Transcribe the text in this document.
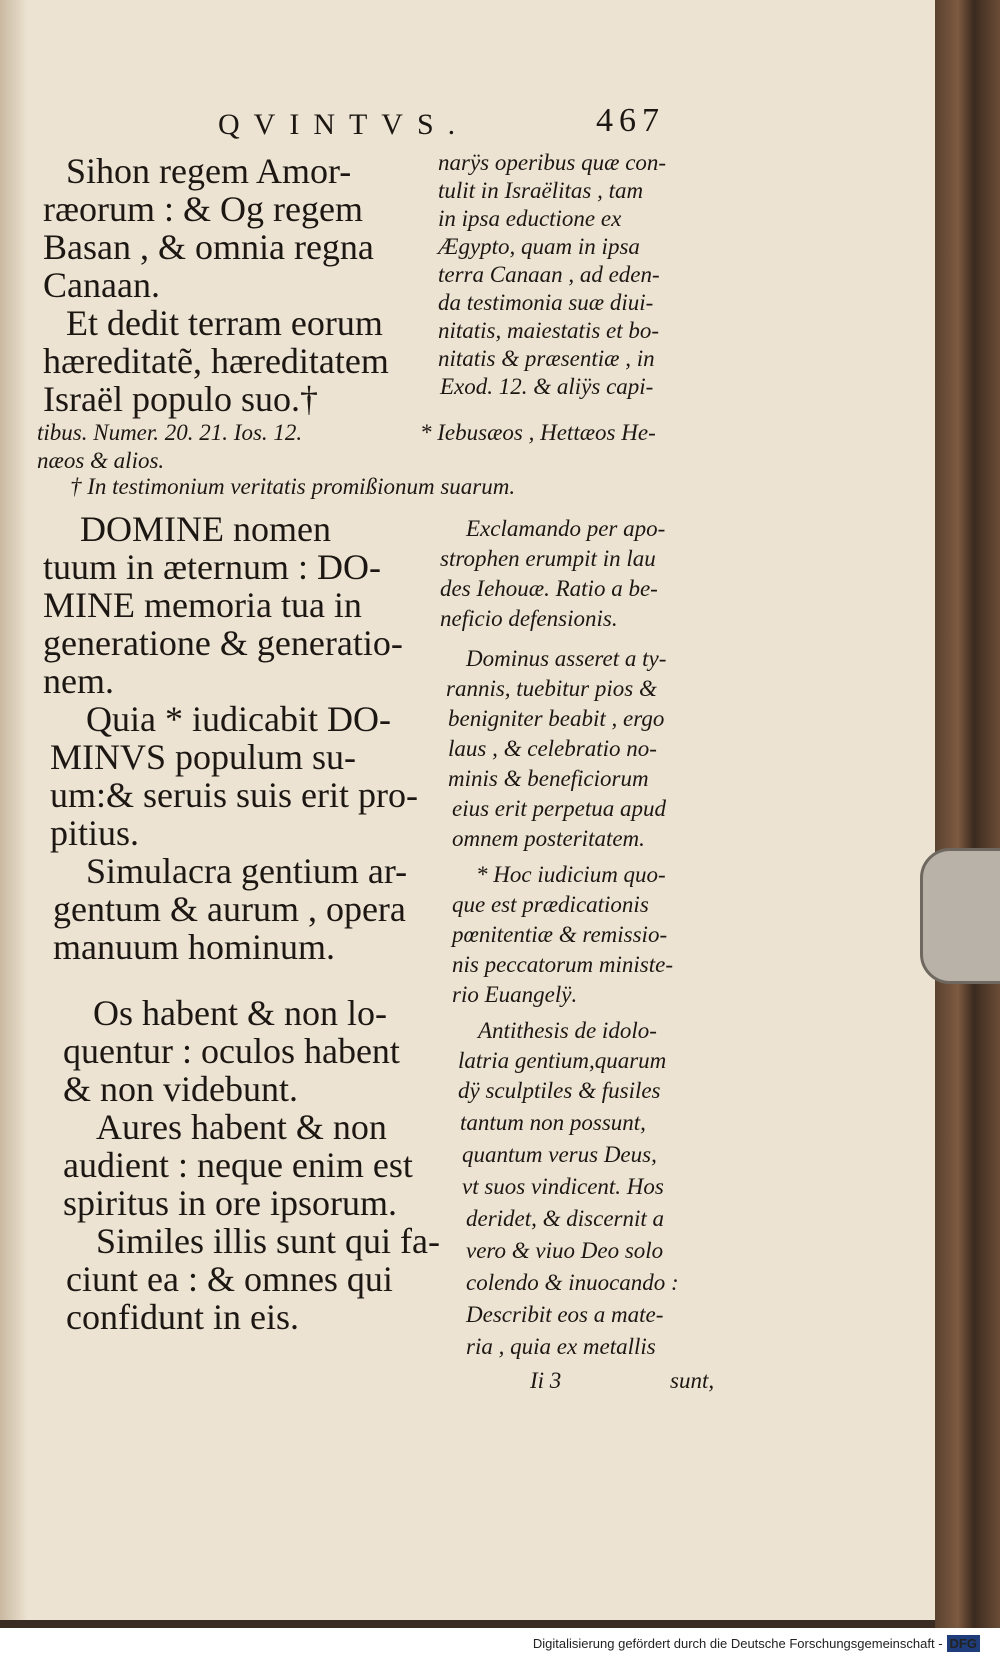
QVINTVS.	467
Sihon regem Amor-
ræorum : & Og regem
Basan , & omnia regna
Canaan.
Et dedit terram eorum
hæreditatẽ, hæreditatem
Israël populo suo.†
tibus. Numer. 20. 21. Ios. 12.
næos & alios.
† In testimonium veritatis promißionum suarum.
DOMINE nomen
tuum in æternum : DO-
MINE memoria tua in
generatione & generatio-
nem.
Quia * iudicabit DO-
MINVS populum su-
um:& seruis suis erit pro-
pitius.
Simulacra gentium ar-
gentum & aurum , opera
manuum hominum.
Os habent & non lo-
quentur : oculos habent
& non videbunt.
Aures habent & non
audient : neque enim est
spiritus in ore ipsorum.
Similes illis sunt qui fa-
ciunt ea : & omnes qui
confidunt in eis.
narÿs operibus quæ con-
tulit in Israëlitas , tam
in ipsa eductione ex
Ægypto, quam in ipsa
terra Canaan , ad eden-
da testimonia suæ diui-
nitatis, maiestatis et bo-
nitatis & præsentiæ , in
Exod. 12. & aliÿs capi-
* Iebusæos , Hettæos He-
Exclamando per apo-
strophen erumpit in lau
des Iehouæ. Ratio a be-
neficio defensionis.
Dominus asseret a ty-
rannis, tuebitur pios &
benigniter beabit , ergo
laus , & celebratio no-
minis & beneficiorum
eius erit perpetua apud
omnem posteritatem.
* Hoc iudicium quo-
que est prædicationis
pœnitentiæ & remissio-
nis peccatorum ministe-
rio Euangelÿ.
Antithesis de idolo-
latria gentium,quarum
dÿ sculptiles & fusiles
tantum non possunt,
quantum verus Deus,
vt suos vindicent. Hos
deridet, & discernit a
vero & viuo Deo solo
colendo & inuocando :
Describit eos a mate-
ria , quia ex metallis
Ii 3	sunt,
Digitalisierung gefördert durch die Deutsche Forschungsgemeinschaft - DFG
